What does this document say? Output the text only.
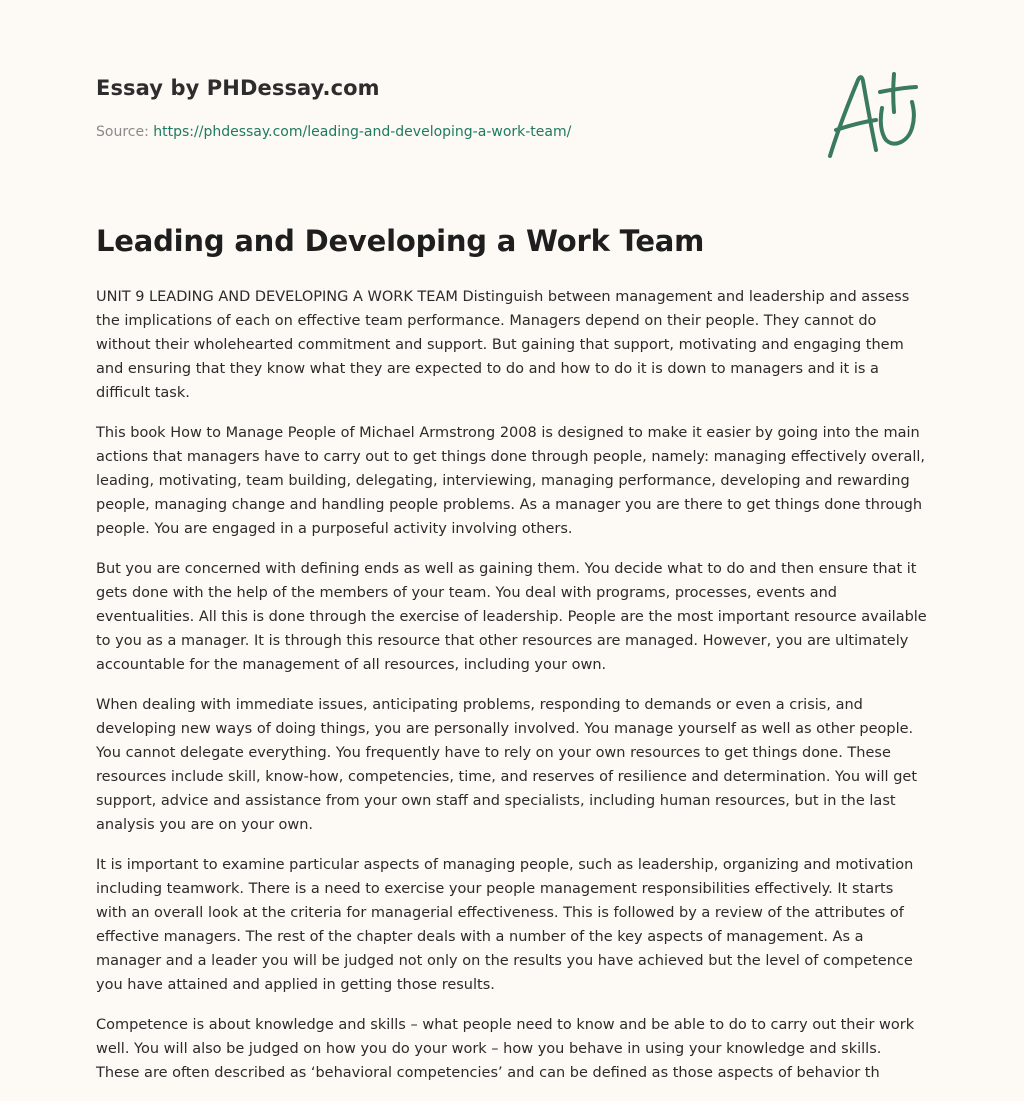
Essay by PHDessay.com
Source: https://phdessay.com/leading-and-developing-a-work-team/
Leading and Developing a Work Team

UNIT 9 LEADING AND DEVELOPING A WORK TEAM Distinguish between management and leadership and assess the implications of each on effective team performance. Managers depend on their people. They cannot do without their wholehearted commitment and support. But gaining that support, motivating and engaging them and ensuring that they know what they are expected to do and how to do it is down to managers and it is a difficult task.

This book How to Manage People of Michael Armstrong 2008 is designed to make it easier by going into the main actions that managers have to carry out to get things done through people, namely: managing effectively overall, leading, motivating, team building, delegating, interviewing, managing performance, developing and rewarding people, managing change and handling people problems. As a manager you are there to get things done through people. You are engaged in a purposeful activity involving others.

But you are concerned with defining ends as well as gaining them. You decide what to do and then ensure that it gets done with the help of the members of your team. You deal with programs, processes, events and eventualities. All this is done through the exercise of leadership. People are the most important resource available to you as a manager. It is through this resource that other resources are managed. However, you are ultimately accountable for the management of all resources, including your own.

When dealing with immediate issues, anticipating problems, responding to demands or even a crisis, and developing new ways of doing things, you are personally involved. You manage yourself as well as other people. You cannot delegate everything. You frequently have to rely on your own resources to get things done. These resources include skill, know-how, competencies, time, and reserves of resilience and determination. You will get support, advice and assistance from your own staff and specialists, including human resources, but in the last analysis you are on your own.

It is important to examine particular aspects of managing people, such as leadership, organizing and motivation including teamwork. There is a need to exercise your people management responsibilities effectively. It starts with an overall look at the criteria for managerial effectiveness. This is followed by a review of the attributes of effective managers. The rest of the chapter deals with a number of the key aspects of management. As a manager and a leader you will be judged not only on the results you have achieved but the level of competence you have attained and applied in getting those results.

Competence is about knowledge and skills – what people need to know and be able to do to carry out their work well. You will also be judged on how you do your work – how you behave in using your knowledge and skills. These are often described as ‘behavioral competencies’ and can be defined as those aspects of behavior th
